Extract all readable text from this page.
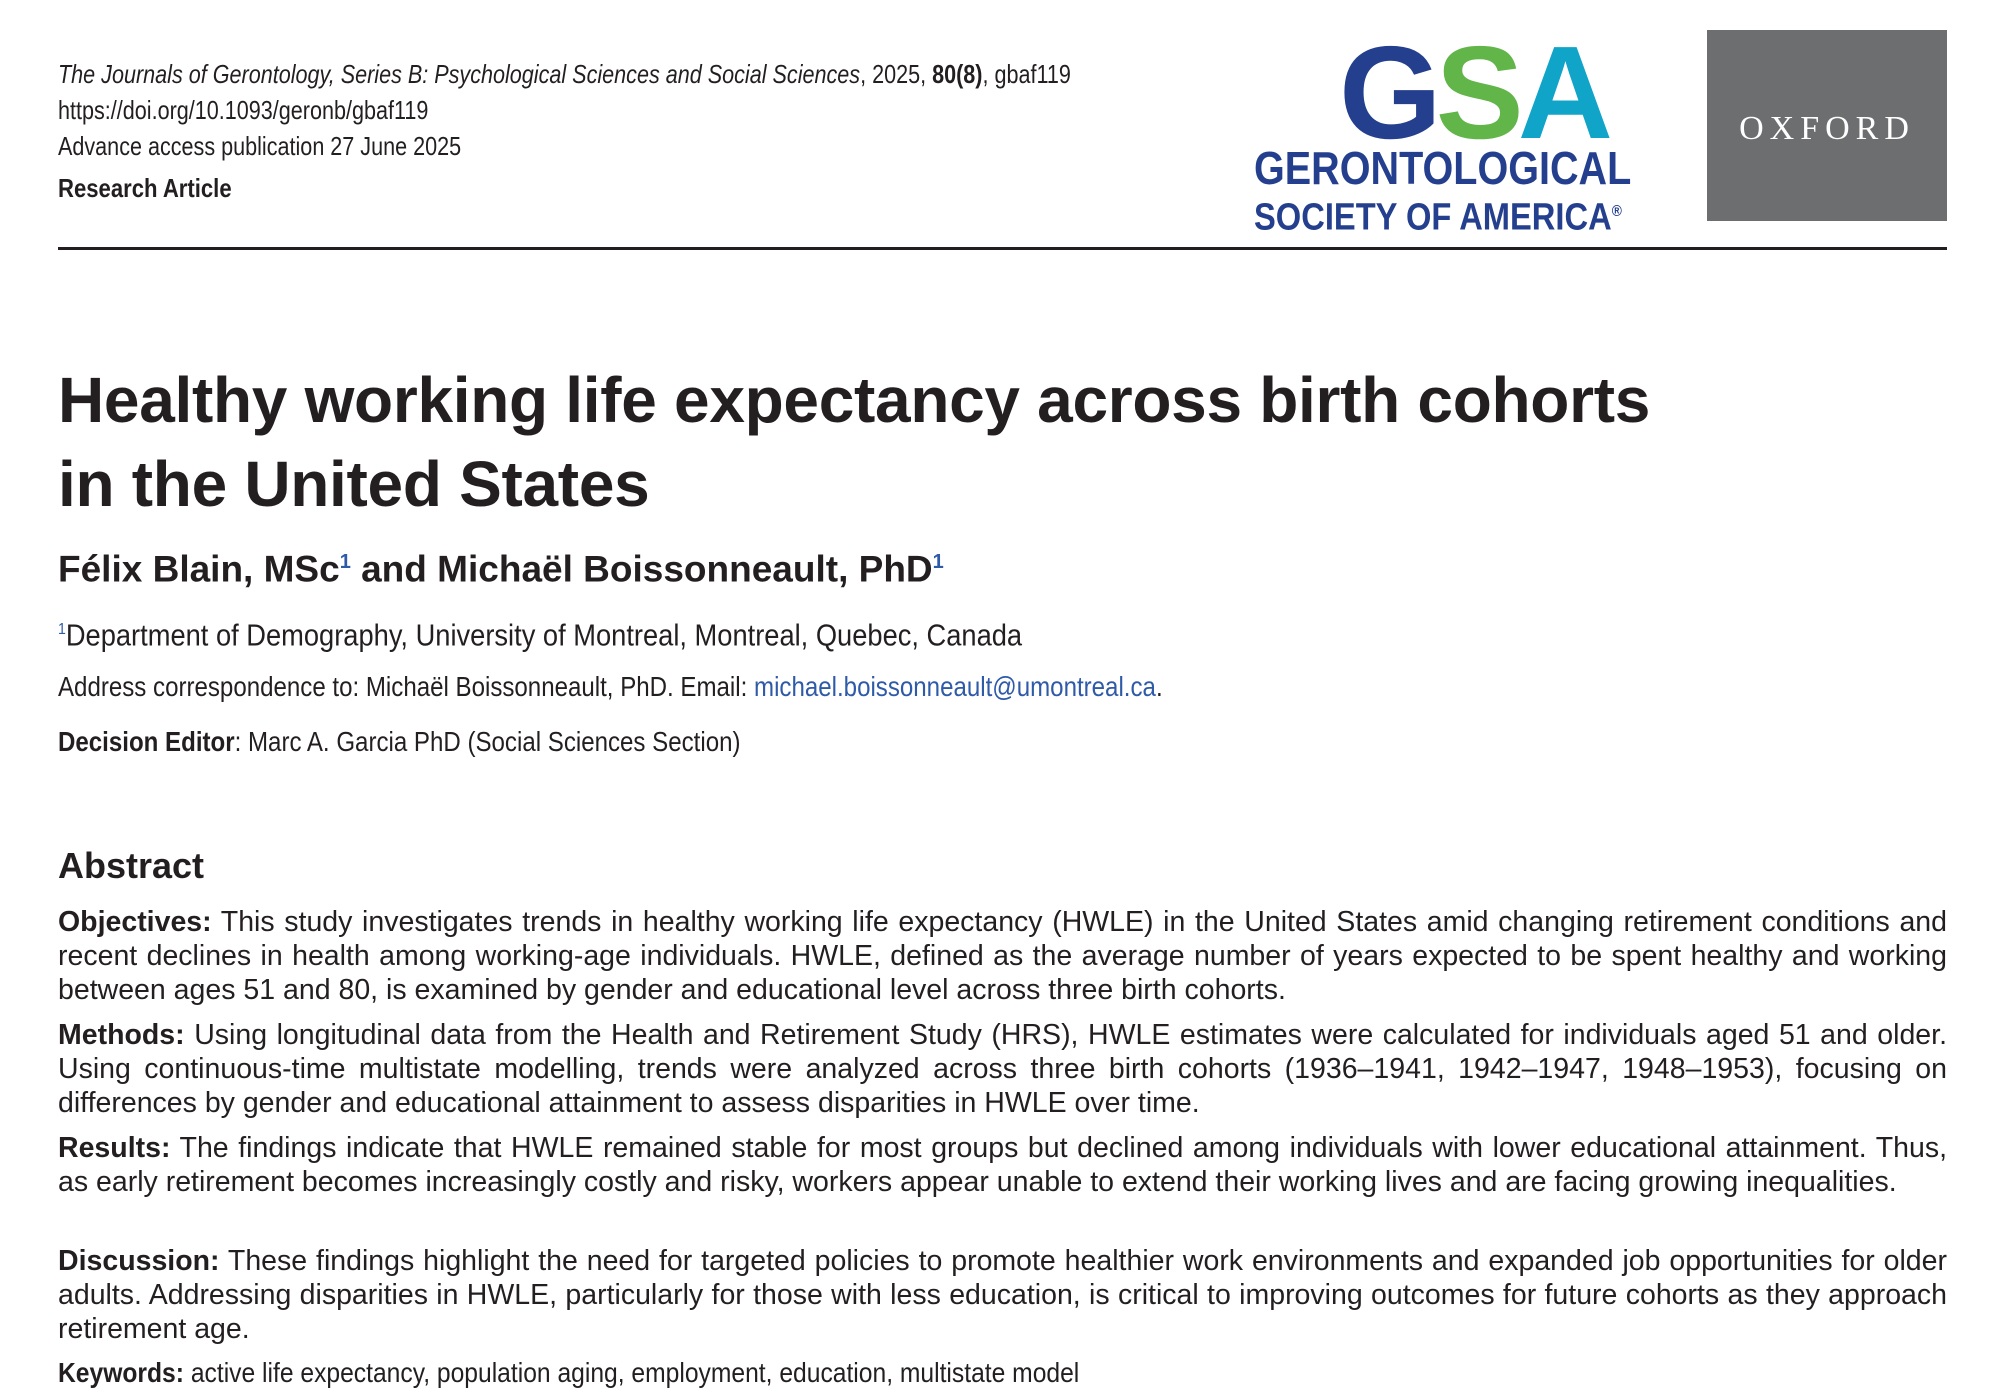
The Journals of Gerontology, Series B: Psychological Sciences and Social Sciences, 2025, 80(8), gbaf119
https://doi.org/10.1093/geronb/gbaf119
Advance access publication 27 June 2025
Research Article
GSA
GERONTOLOGICAL
SOCIETY OF AMERICA®
OXFORD
Healthy working life expectancy across birth cohorts
in the United States
Félix Blain, MSc$^1$ and Michaël Boissonneault, PhD$^1$
$^1$Department of Demography, University of Montreal, Montreal, Quebec, Canada
Address correspondence to: Michaël Boissonneault, PhD. Email: michael.boissonneault@umontreal.ca.
Decision Editor: Marc A. Garcia PhD (Social Sciences Section)
Abstract
Objectives: This study investigates trends in healthy working life expectancy (HWLE) in the United States amid changing retirement conditions and recent declines in health among working-age individuals. HWLE, defined as the average number of years expected to be spent healthy and working between ages 51 and 80, is examined by gender and educational level across three birth cohorts.
Methods: Using longitudinal data from the Health and Retirement Study (HRS), HWLE estimates were calculated for individuals aged 51 and older. Using continuous-time multistate modelling, trends were analyzed across three birth cohorts (1936–1941, 1942–1947, 1948–1953), focusing on differences by gender and educational attainment to assess disparities in HWLE over time.
Results: The findings indicate that HWLE remained stable for most groups but declined among individuals with lower educational attainment. Thus, as early retirement becomes increasingly costly and risky, workers appear unable to extend their working lives and are facing growing inequalities.
Discussion: These findings highlight the need for targeted policies to promote healthier work environments and expanded job opportunities for older adults. Addressing disparities in HWLE, particularly for those with less education, is critical to improving outcomes for future cohorts as they approach retirement age.
Keywords: active life expectancy, population aging, employment, education, multistate model
